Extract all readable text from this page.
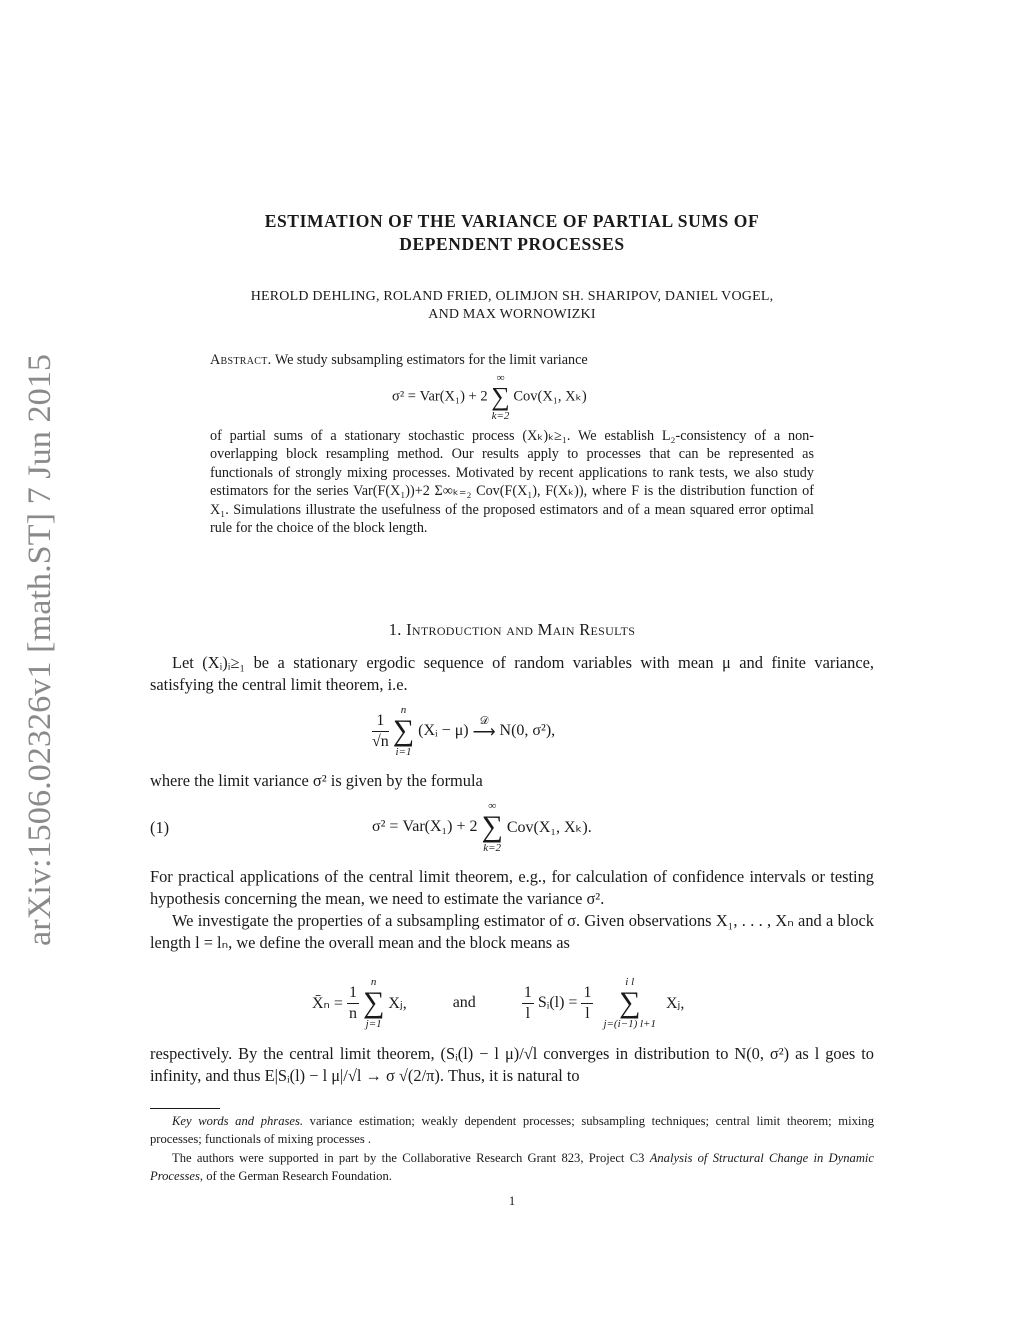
arXiv:1506.02326v1 [math.ST] 7 Jun 2015
ESTIMATION OF THE VARIANCE OF PARTIAL SUMS OF
DEPENDENT PROCESSES
HEROLD DEHLING, ROLAND FRIED, OLIMJON SH. SHARIPOV, DANIEL VOGEL,
AND MAX WORNOWIZKI
Abstract. We study subsampling estimators for the limit variance
σ² = Var(X₁) + 2
∞
∑
k=2
Cov(X₁, Xₖ)
of partial sums of a stationary stochastic process (Xₖ)ₖ≥₁. We establish L₂-consistency of a non-overlapping block resampling method. Our results apply to processes that can be represented as functionals of strongly mixing processes. Motivated by recent applications to rank tests, we also study estimators for the series Var(F(X₁))+2 Σ∞ₖ₌₂ Cov(F(X₁), F(Xₖ)), where F is the distribution function of X₁. Simulations illustrate the usefulness of the proposed estimators and of a mean squared error optimal rule for the choice of the block length.
1. Introduction and Main Results
Let (Xᵢ)ᵢ≥₁ be a stationary ergodic sequence of random variables with mean μ and finite variance, satisfying the central limit theorem, i.e.
$\frac{1}{√n}$

n
∑
i=1
(Xᵢ − μ)
𝒟
⟶ N(0, σ²),
where the limit variance σ² is given by the formula
(1)	σ² = Var(X₁) + 2
∞
∑
k=2
Cov(X₁, Xₖ).
For practical applications of the central limit theorem, e.g., for calculation of confidence intervals or testing hypothesis concerning the mean, we need to estimate the variance σ².
We investigate the properties of a subsampling estimator of σ. Given observations X₁, . . . , Xₙ and a block length l = lₙ, we define the overall mean and the block means as
X̄ₙ = $\frac{1}{n}$

n
∑
j=1
Xⱼ,	and	$\frac{1}{l}$ Sᵢ(l) = $\frac{1}{l}$

i l
∑
j=(i−1) l+1
Xⱼ,
respectively. By the central limit theorem, (Sᵢ(l) − l μ)/√l converges in distribution to N(0, σ²) as l goes to infinity, and thus E|Sᵢ(l) − l μ|/√l → σ √(2/π). Thus, it is natural to
Key words and phrases. variance estimation; weakly dependent processes; subsampling techniques; central limit theorem; mixing processes; functionals of mixing processes .
The authors were supported in part by the Collaborative Research Grant 823, Project C3 Analysis of Structural Change in Dynamic Processes, of the German Research Foundation.
1
